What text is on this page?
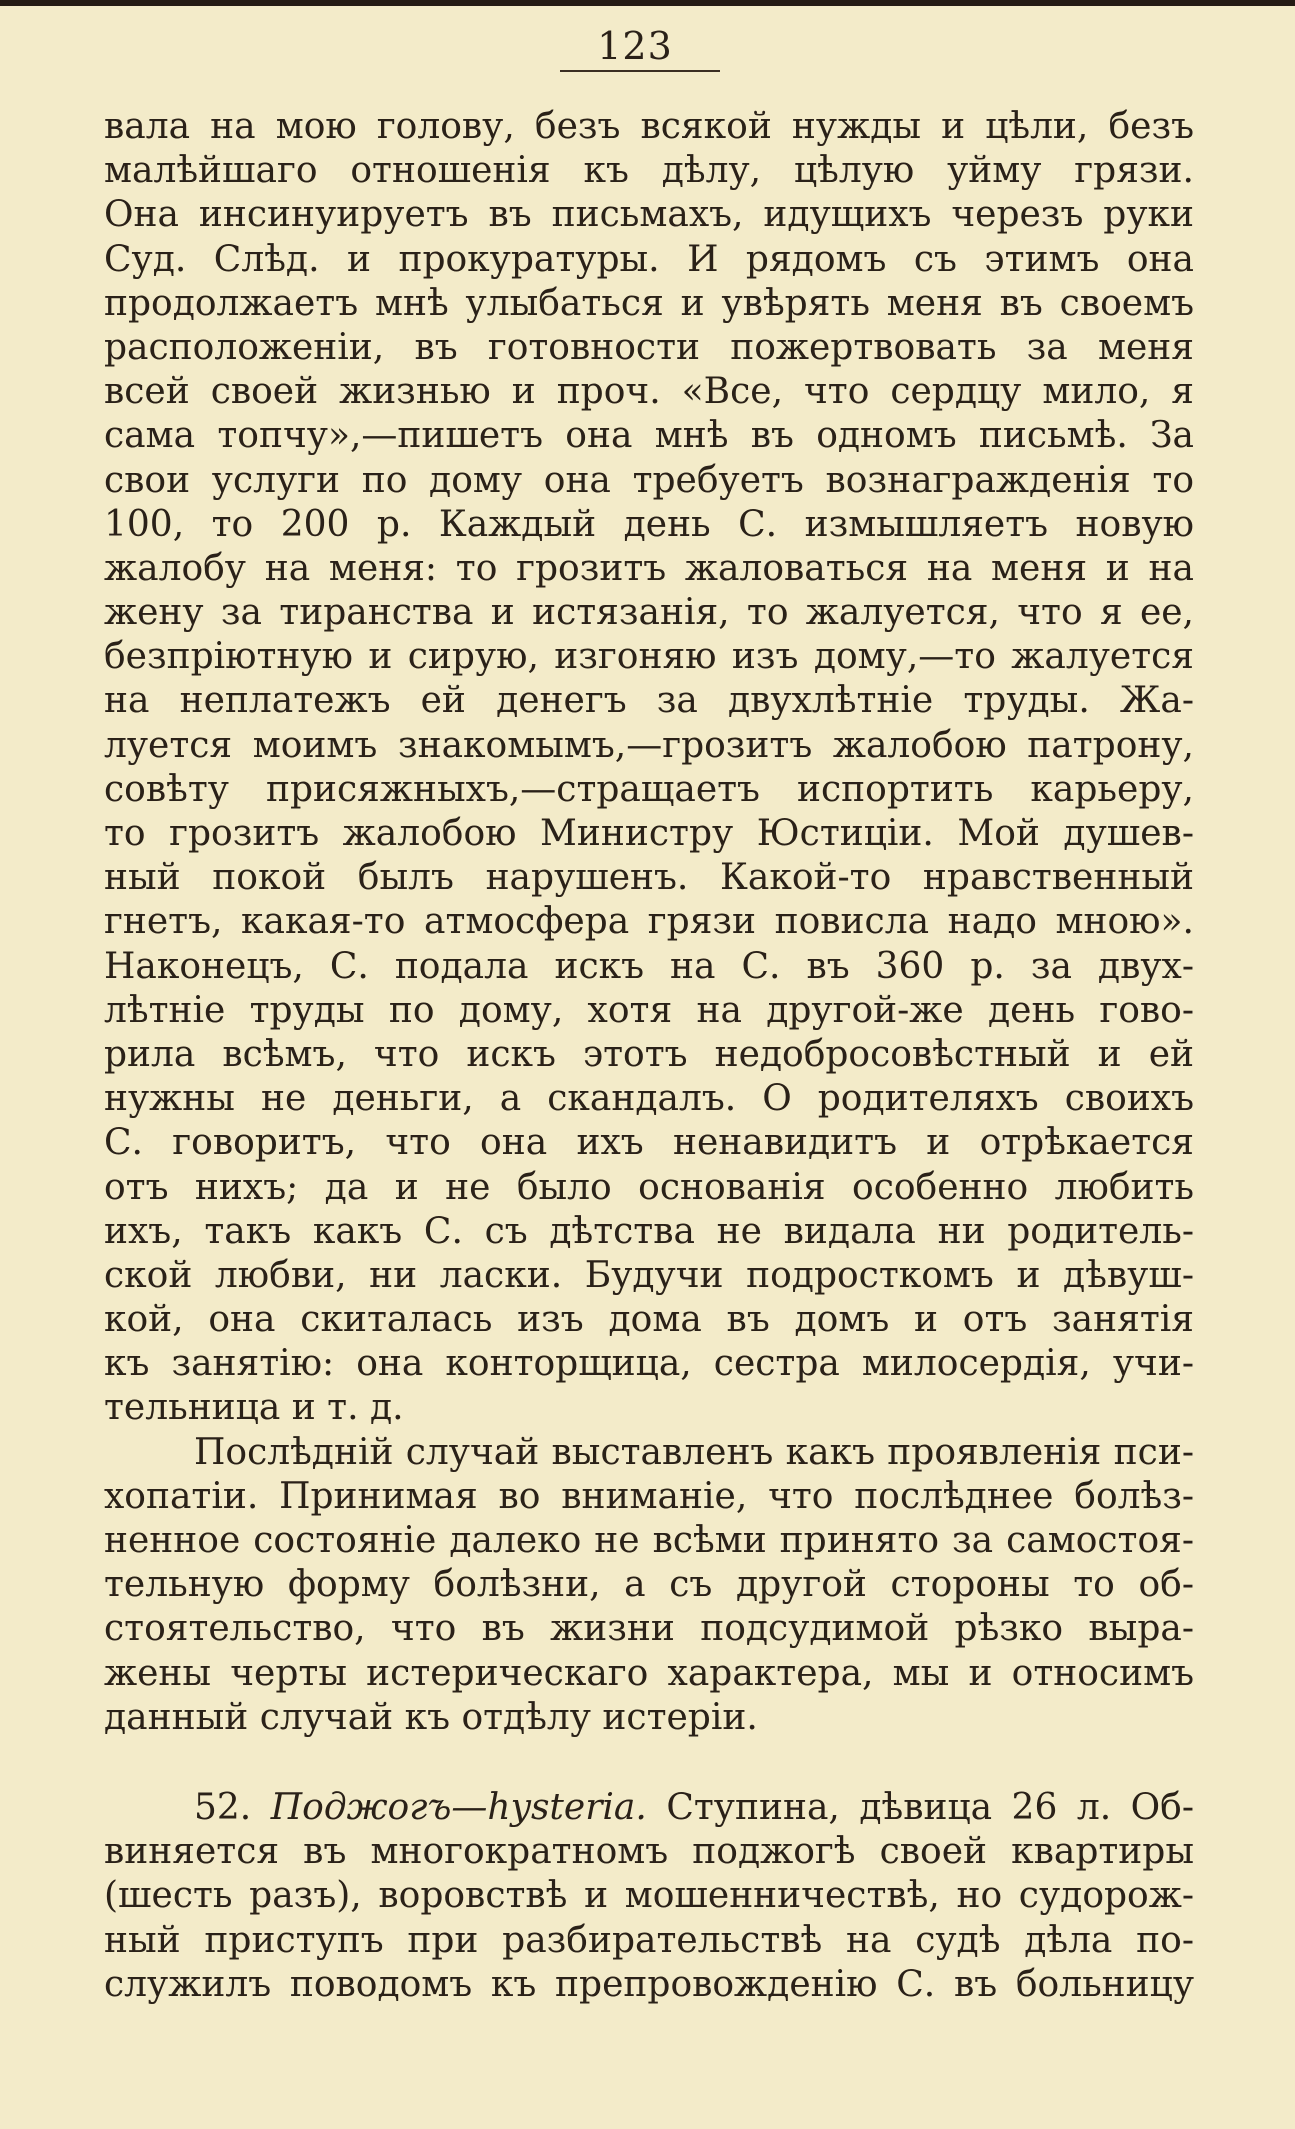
123
вала на мою голову, безъ всякой нужды и цѣли, безъ
малѣйшаго отношенія къ дѣлу, цѣлую уйму грязи.
Она инсинуируетъ въ письмахъ, идущихъ черезъ руки
Суд. Слѣд. и прокуратуры. И рядомъ съ этимъ она
продолжаетъ мнѣ улыбаться и увѣрять меня въ своемъ
расположеніи, въ готовности пожертвовать за меня
всей своей жизнью и проч. «Все, что сердцу мило, я
сама топчу»,—пишетъ она мнѣ въ одномъ письмѣ. За
свои услуги по дому она требуетъ вознагражденія то
100, то 200 р. Каждый день С. измышляетъ новую
жалобу на меня: то грозитъ жаловаться на меня и на
жену за тиранства и истязанія, то жалуется, что я ее,
безпріютную и сирую, изгоняю изъ дому,—то жалуется
на неплатежъ ей денегъ за двухлѣтніе труды. Жа-
луется моимъ знакомымъ,—грозитъ жалобою патрону,
совѣту присяжныхъ,—стращаетъ испортить карьеру,
то грозитъ жалобою Министру Юстиціи. Мой душев-
ный покой былъ нарушенъ. Какой-то нравственный
гнетъ, какая-то атмосфера грязи повисла надо мною».
Наконецъ, С. подала искъ на С. въ 360 р. за двух-
лѣтніе труды по дому, хотя на другой-же день гово-
рила всѣмъ, что искъ этотъ недобросовѣстный и ей
нужны не деньги, а скандалъ. О родителяхъ своихъ
С. говоритъ, что она ихъ ненавидитъ и отрѣкается
отъ нихъ; да и не было основанія особенно любить
ихъ, такъ какъ С. съ дѣтства не видала ни родитель-
ской любви, ни ласки. Будучи подросткомъ и дѣвуш-
кой, она скиталась изъ дома въ домъ и отъ занятія
къ занятію: она конторщица, сестра милосердія, учи-
тельница и т. д.
Послѣдній случай выставленъ какъ проявленія пси-
хопатіи. Принимая во вниманіе, что послѣднее болѣз-
ненное состояніе далеко не всѣми принято за самостоя-
тельную форму болѣзни, а съ другой стороны то об-
стоятельство, что въ жизни подсудимой рѣзко выра-
жены черты истерическаго характера, мы и относимъ
данный случай къ отдѣлу истеріи.
52. Поджогъ—hysteria. Ступина, дѣвица 26 л. Об-
виняется въ многократномъ поджогѣ своей квартиры
(шесть разъ), воровствѣ и мошенничествѣ, но судорож-
ный приступъ при разбирательствѣ на судѣ дѣла по-
служилъ поводомъ къ препровожденію С. въ больницу
